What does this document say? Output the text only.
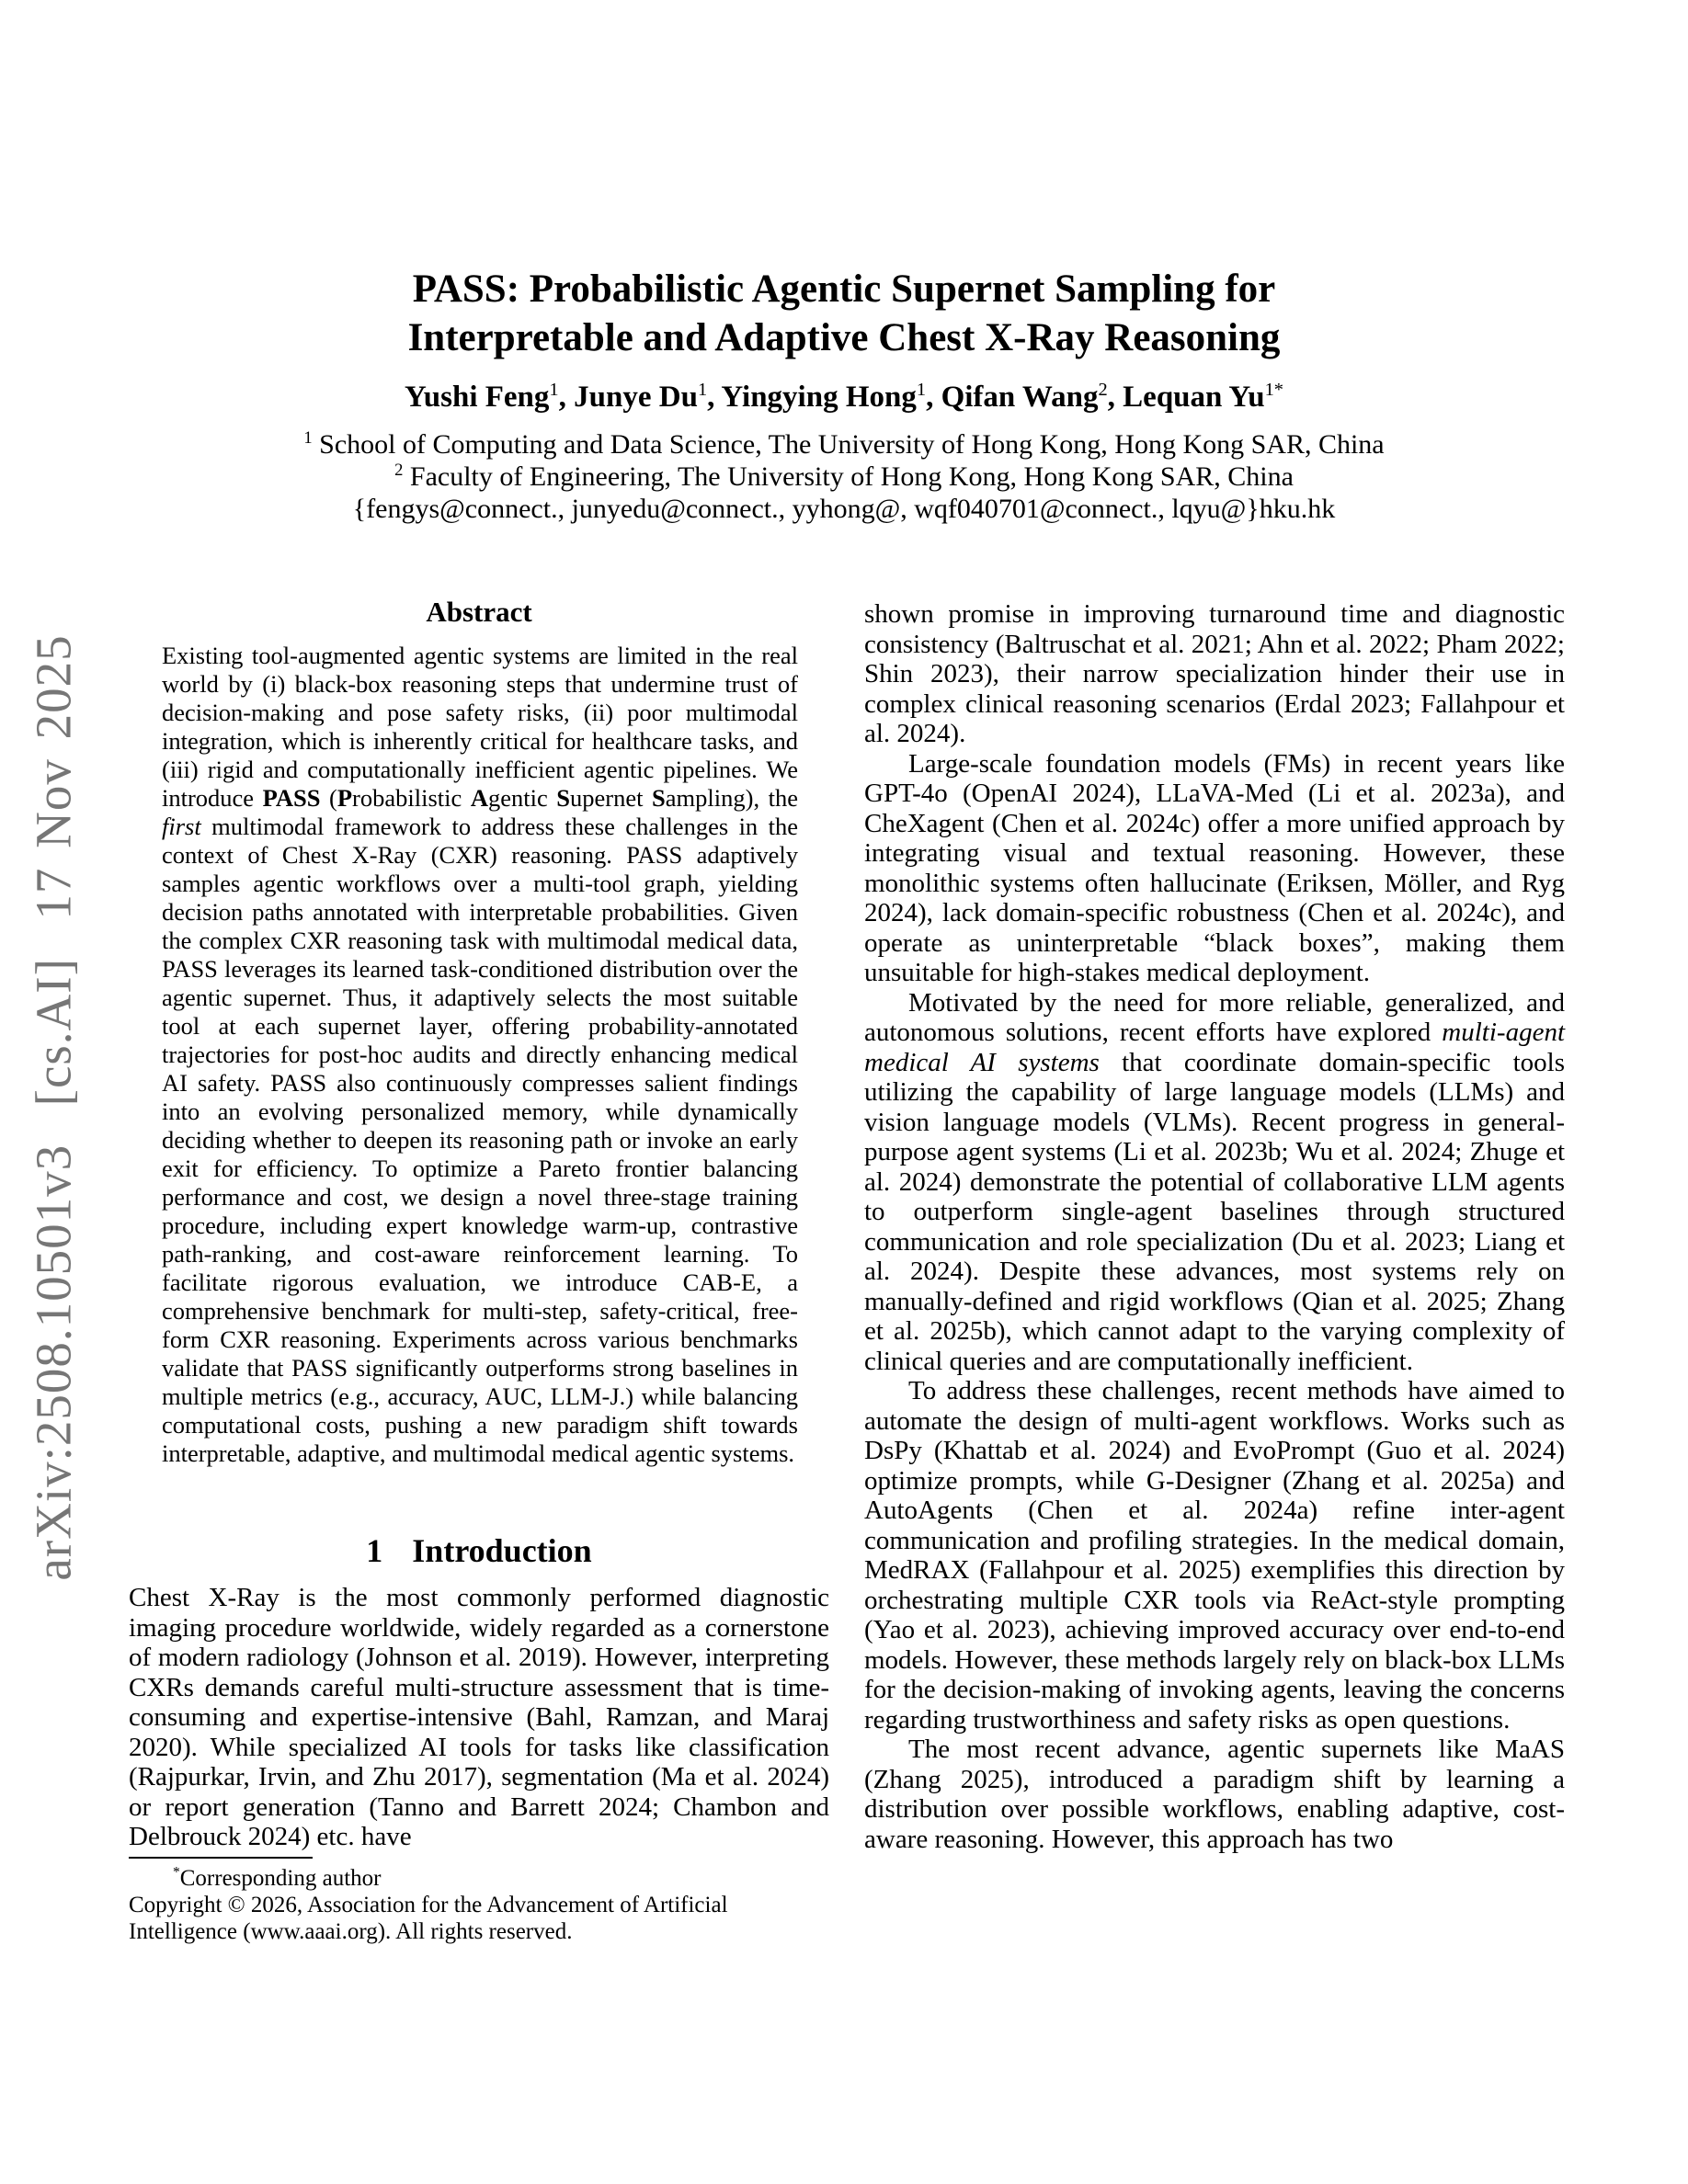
arXiv:2508.10501v3  [cs.AI]  17 Nov 2025
PASS: Probabilistic Agentic Supernet Sampling for
Interpretable and Adaptive Chest X-Ray Reasoning
Yushi Feng$^1$, Junye Du$^1$, Yingying Hong$^1$, Qifan Wang$^2$, Lequan $Yu^{1*}$
$^1$ School of Computing and Data Science, The University of Hong Kong, Hong Kong SAR, China
$^2$ Faculty of Engineering, The University of Hong Kong, Hong Kong SAR, China
{fengys@connect., junyedu@connect., yyhong@, wqf040701@connect., lqyu@}hku.hk
Abstract
Existing tool-augmented agentic systems are limited in the real world by (i) black-box reasoning steps that undermine trust of decision-making and pose safety risks, (ii) poor multimodal integration, which is inherently critical for healthcare tasks, and (iii) rigid and computationally inefficient agentic pipelines. We introduce PASS (Probabilistic Agentic Supernet Sampling), the first multimodal framework to address these challenges in the context of Chest X-Ray (CXR) reasoning. PASS adaptively samples agentic workflows over a multi-tool graph, yielding decision paths annotated with interpretable probabilities. Given the complex CXR reasoning task with multimodal medical data, PASS leverages its learned task-conditioned distribution over the agentic supernet. Thus, it adaptively selects the most suitable tool at each supernet layer, offering probability-annotated trajectories for post-hoc audits and directly enhancing medical AI safety. PASS also continuously compresses salient findings into an evolving personalized memory, while dynamically deciding whether to deepen its reasoning path or invoke an early exit for efficiency. To optimize a Pareto frontier balancing performance and cost, we design a novel three-stage training procedure, including expert knowledge warm-up, contrastive path-ranking, and cost-aware reinforcement learning. To facilitate rigorous evaluation, we introduce CAB-E, a comprehensive benchmark for multi-step, safety-critical, free-form CXR reasoning. Experiments across various benchmarks validate that PASS significantly outperforms strong baselines in multiple metrics (e.g., accuracy, AUC, LLM-J.) while balancing computational costs, pushing a new paradigm shift towards interpretable, adaptive, and multimodal medical agentic systems.
1 Introduction
Chest X-Ray is the most commonly performed diagnostic imaging procedure worldwide, widely regarded as a cornerstone of modern radiology (Johnson et al. 2019). However, interpreting CXRs demands careful multi-structure assessment that is time-consuming and expertise-intensive (Bahl, Ramzan, and Maraj 2020). While specialized AI tools for tasks like classification (Rajpurkar, Irvin, and Zhu 2017), segmentation (Ma et al. 2024) or report generation (Tanno and Barrett 2024; Chambon and Delbrouck 2024) etc. have
*Corresponding author
Copyright © 2026, Association for the Advancement of Artificial Intelligence (www.aaai.org). All rights reserved.

shown promise in improving turnaround time and diagnostic consistency (Baltruschat et al. 2021; Ahn et al. 2022; Pham 2022; Shin 2023), their narrow specialization hinder their use in complex clinical reasoning scenarios (Erdal 2023; Fallahpour et al. 2024).

Large-scale foundation models (FMs) in recent years like GPT-4o (OpenAI 2024), LLaVA-Med (Li et al. 2023a), and CheXagent (Chen et al. 2024c) offer a more unified approach by integrating visual and textual reasoning. However, these monolithic systems often hallucinate (Eriksen, Möller, and Ryg 2024), lack domain-specific robustness (Chen et al. 2024c), and operate as uninterpretable “black boxes”, making them unsuitable for high-stakes medical deployment.

Motivated by the need for more reliable, generalized, and autonomous solutions, recent efforts have explored multi-agent medical AI systems that coordinate domain-specific tools utilizing the capability of large language models (LLMs) and vision language models (VLMs). Recent progress in general-purpose agent systems (Li et al. 2023b; Wu et al. 2024; Zhuge et al. 2024) demonstrate the potential of collaborative LLM agents to outperform single-agent baselines through structured communication and role specialization (Du et al. 2023; Liang et al. 2024). Despite these advances, most systems rely on manually-defined and rigid workflows (Qian et al. 2025; Zhang et al. 2025b), which cannot adapt to the varying complexity of clinical queries and are computationally inefficient.

To address these challenges, recent methods have aimed to automate the design of multi-agent workflows. Works such as DsPy (Khattab et al. 2024) and EvoPrompt (Guo et al. 2024) optimize prompts, while G-Designer (Zhang et al. 2025a) and AutoAgents (Chen et al. 2024a) refine inter-agent communication and profiling strategies. In the medical domain, MedRAX (Fallahpour et al. 2025) exemplifies this direction by orchestrating multiple CXR tools via ReAct-style prompting (Yao et al. 2023), achieving improved accuracy over end-to-end models. However, these methods largely rely on black-box LLMs for the decision-making of invoking agents, leaving the concerns regarding trustworthiness and safety risks as open questions.

The most recent advance, agentic supernets like MaAS (Zhang 2025), introduced a paradigm shift by learning a distribution over possible workflows, enabling adaptive, cost-aware reasoning. However, this approach has two
